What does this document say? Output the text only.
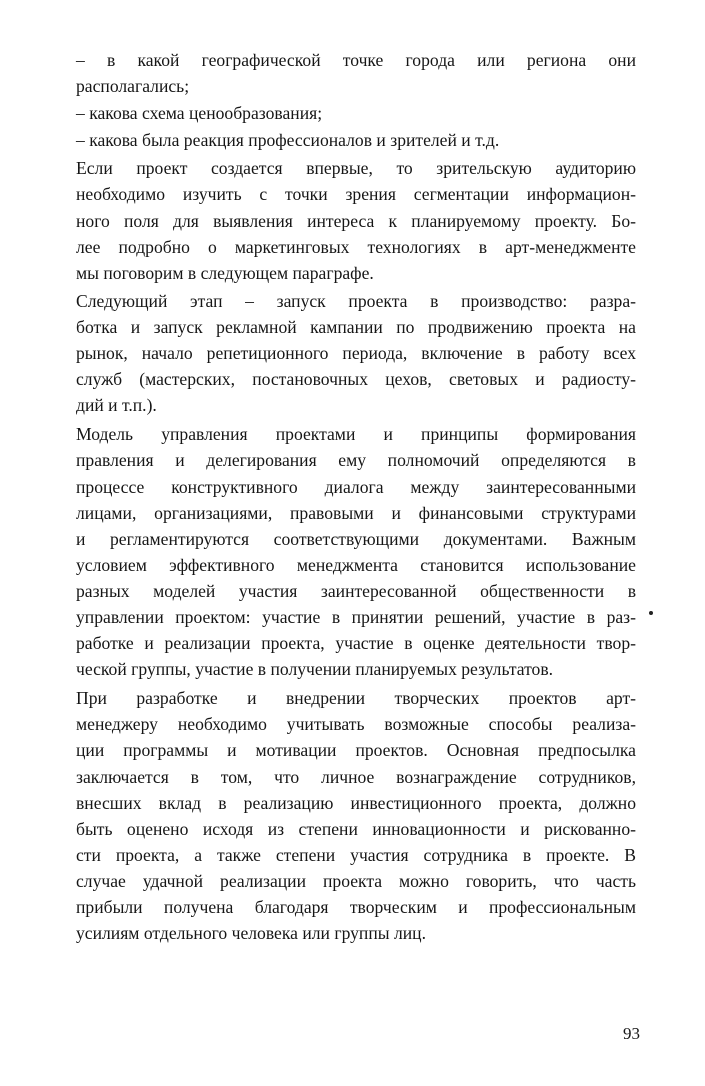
– в какой географической точке города или региона они
располагались;
– какова схема ценообразования;
– какова была реакция профессионалов и зрителей и т.д.
Если проект создается впервые, то зрительскую аудиторию
необходимо изучить с точки зрения сегментации информацион-
ного поля для выявления интереса к планируемому проекту. Бо-
лее подробно о маркетинговых технологиях в арт-менеджменте
мы поговорим в следующем параграфе.
Следующий этап – запуск проекта в производство: разра-
ботка и запуск рекламной кампании по продвижению проекта на
рынок, начало репетиционного периода, включение в работу всех
служб (мастерских, постановочных цехов, световых и радиосту-
дий и т.п.).
Модель управления проектами и принципы формирования
правления и делегирования ему полномочий определяются в
процессе конструктивного диалога между заинтересованными
лицами, организациями, правовыми и финансовыми структурами
и регламентируются соответствующими документами. Важным
условием эффективного менеджмента становится использование
разных моделей участия заинтересованной общественности в
управлении проектом: участие в принятии решений, участие в раз-
работке и реализации проекта, участие в оценке деятельности твор-
ческой группы, участие в получении планируемых результатов.
При разработке и внедрении творческих проектов арт-
менеджеру необходимо учитывать возможные способы реализа-
ции программы и мотивации проектов. Основная предпосылка
заключается в том, что личное вознаграждение сотрудников,
внесших вклад в реализацию инвестиционного проекта, должно
быть оценено исходя из степени инновационности и рискованно-
сти проекта, а также степени участия сотрудника в проекте. В
случае удачной реализации проекта можно говорить, что часть
прибыли получена благодаря творческим и профессиональным
усилиям отдельного человека или группы лиц.
93
